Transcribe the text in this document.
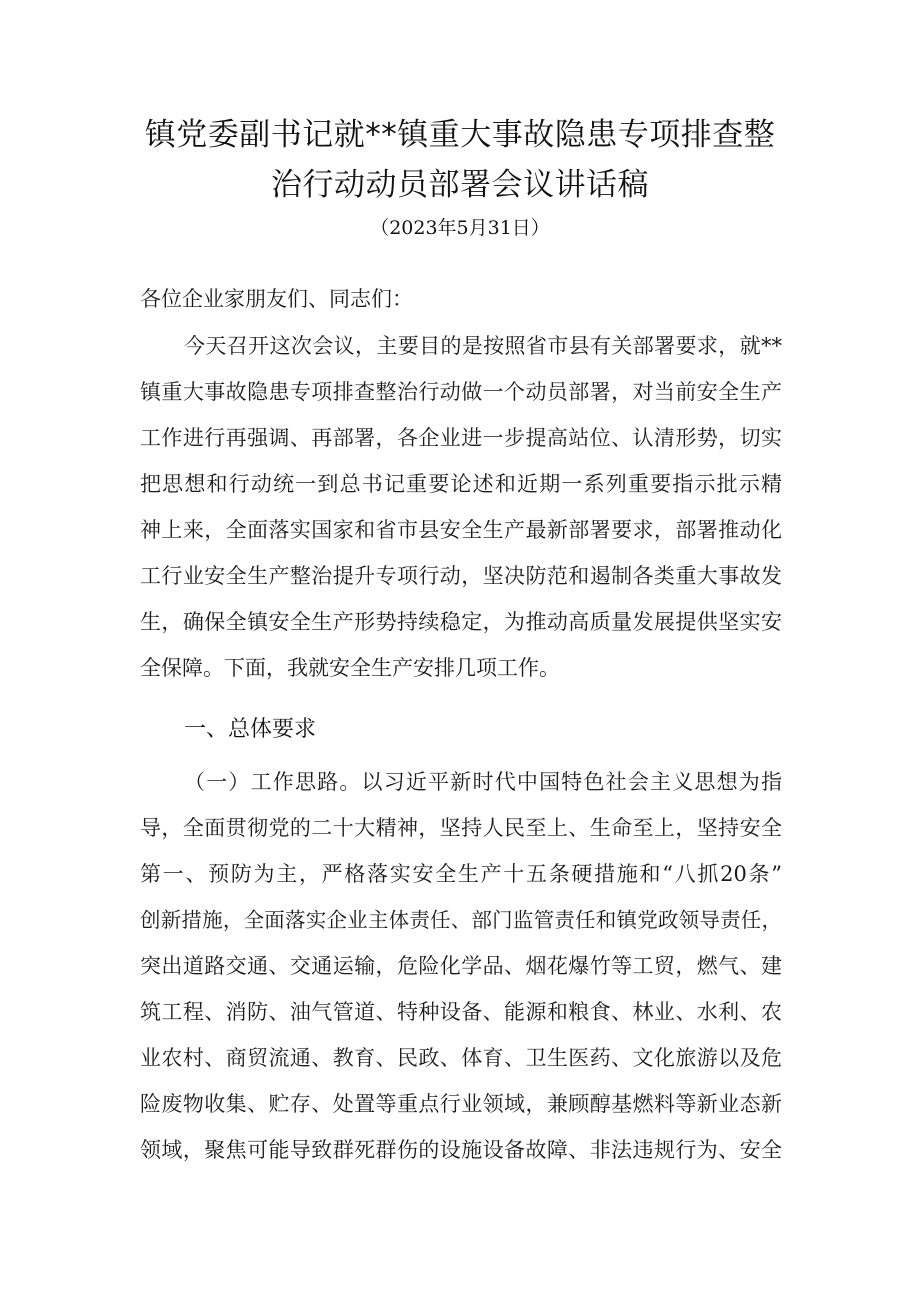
镇党委副书记就**镇重大事故隐患专项排查整
治行动动员部署会议讲话稿
（2023年5月31日）
各位企业家朋友们、同志们：
今天召开这次会议，主要目的是按照省市县有关部署要求，就**
镇重大事故隐患专项排查整治行动做一个动员部署，对当前安全生产
工作进行再强调、再部署，各企业进一步提高站位、认清形势，切实
把思想和行动统一到总书记重要论述和近期一系列重要指示批示精
神上来，全面落实国家和省市县安全生产最新部署要求，部署推动化
工行业安全生产整治提升专项行动，坚决防范和遏制各类重大事故发
生，确保全镇安全生产形势持续稳定，为推动高质量发展提供坚实安
全保障。下面，我就安全生产安排几项工作。
一、总体要求
（一）工作思路。以习近平新时代中国特色社会主义思想为指
导，全面贯彻党的二十大精神，坚持人民至上、生命至上，坚持安全
第一、预防为主，严格落实安全生产十五条硬措施和“八抓20条”
创新措施，全面落实企业主体责任、部门监管责任和镇党政领导责任，
突出道路交通、交通运输，危险化学品、烟花爆竹等工贸，燃气、建
筑工程、消防、油气管道、特种设备、能源和粮食、林业、水利、农
业农村、商贸流通、教育、民政、体育、卫生医药、文化旅游以及危
险废物收集、贮存、处置等重点行业领域，兼顾醇基燃料等新业态新
领域，聚焦可能导致群死群伤的设施设备故障、非法违规行为、安全
